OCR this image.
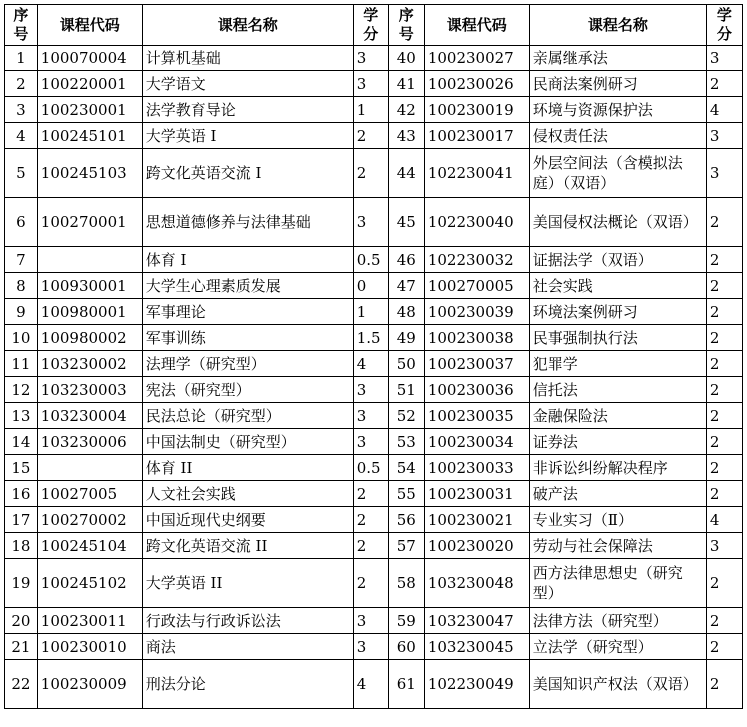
序号	课程代码	课程名称	学分	序号	课程代码	课程名称	学分
1	100070004	计算机基础	3	40	100230027	亲属继承法	3
2	100220001	大学语文	3	41	100230026	民商法案例研习	2
3	100230001	法学教育导论	1	42	100230019	环境与资源保护法	4
4	100245101	大学英语 I	2	43	100230017	侵权责任法	3
5	100245103	跨文化英语交流 I	2	44	102230041	外层空间法（含模拟法庭）（双语）	3
6	100270001	思想道德修养与法律基础	3	45	102230040	美国侵权法概论（双语）	2
7		体育 I	0.5	46	102230032	证据法学（双语）	2
8	100930001	大学生心理素质发展	0	47	100270005	社会实践	2
9	100980001	军事理论	1	48	100230039	环境法案例研习	2
10	100980002	军事训练	1.5	49	100230038	民事强制执行法	2
11	103230002	法理学（研究型）	4	50	100230037	犯罪学	2
12	103230003	宪法（研究型）	3	51	100230036	信托法	2
13	103230004	民法总论（研究型）	3	52	100230035	金融保险法	2
14	103230006	中国法制史（研究型）	3	53	100230034	证券法	2
15		体育 II	0.5	54	100230033	非诉讼纠纷解决程序	2
16	10027005	人文社会实践	2	55	100230031	破产法	2
17	100270002	中国近现代史纲要	2	56	100230021	专业实习（Ⅱ）	4
18	100245104	跨文化英语交流 II	2	57	100230020	劳动与社会保障法	3
19	100245102	大学英语 II	2	58	103230048	西方法律思想史（研究型）	2
20	100230011	行政法与行政诉讼法	3	59	103230047	法律方法（研究型）	2
21	100230010	商法	3	60	103230045	立法学（研究型）	2
22	100230009	刑法分论	4	61	102230049	美国知识产权法（双语）	2
